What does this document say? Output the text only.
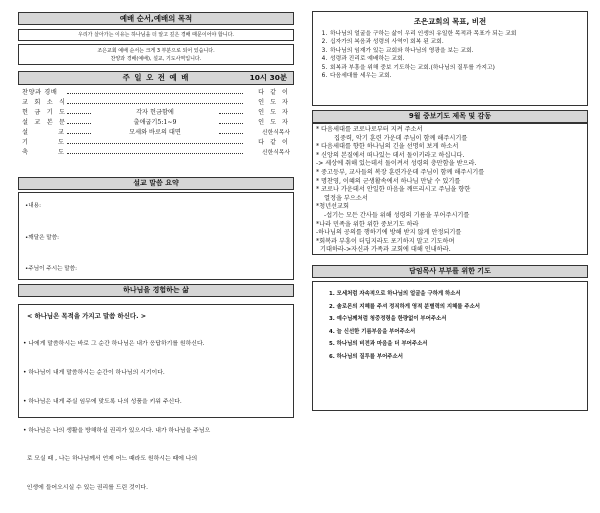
예배 순서,예배의 목적
우리가 살아가는 이유는 하나님을 더 알고 깊은 경배 때문이어야 합니다.
조은교회 예배 순서는 크게 3 부분으로 되어 있습니다.
찬양과 경배(예배), 설교, 기도사역입니다.
주 일 오 전 예 배	10시 30분
찬양과 경배	다 같 이
교 회 소 식	인 도 자
헌 금 기 도	각자 헌금함에	인 도 자
설 교 본 문	출애굽기5:1~9	인 도 자
설 교	모세와 바로의 대면	신한식목사
기 도	다 같 이
축 도	신한식목사
설교 말씀 요약
•내용:
•깨달은 말씀:
•주님이 주시는 말씀:
하나님을 경험하는 삶
< 하나님은 목적을 가지고 말씀 하신다. >

• 나에게 말씀하시는 바로 그 순간 하나님은 내가 응답하기를 원하신다.

• 하나님이 내게 말씀하시는 순간이 하나님의 시기이다.

• 하나님은 내게 주실 임무에 맞도록 나의 성품을 키워 주신다.

• 하나님은 나의 생활을 방해하실 권리가 있으시다. 내가 하나님을 주님으

로 모실 때 , 나는 하나님께서 언제 어느 때라도 원하시는 때에 나의

인생에 들어오시실 수 있는 권리를 드린 것이다.

조은교회의 목표, 비전
1. 하나님의 얼굴을 구하는 삶이 우리 인생의 유일한 목적과 목표가 되는 교회
2. 십자가의 복음과 성령의 사역이 회복 된 교회.
3. 하나님의 임재가 있는 교회와 하나님의 영광을 보는 교회.
4. 성령과 진리로 예배하는 교회.
5. 회복과 부흥을 위해 중보 기도하는 교회.(하나님의 질투를 가지고)
6. 다음세대를 세우는 교회.
9월 중보기도 제목 및 감동

* 다음세대를 코로나로부터 지켜 주소서

집중력, 악기 훈련 가운데 주님이 함께 해주시기를

* 다음세대를 향한 하나님의 긴을 선명히 보게 하소서

* 신앙의 본질에서 떠나있는 데서 돌이키라고 하십니다.

-> 세상에 취해 있는데서 돌이켜서 성령의 충만함을 받으라.

* 중고등부, 교사들의 복장 훈련가운데 주님이 함께 해주시기를

* 명찬영, 이혜의 군생활속에서 하나님 만날 수 있기를

* 코로나 가운데서 안일한 마음을 깨뜨리시고 주님을 향한

열정을 부으소서

*청년선교회

-섭기는 모든 간사들 위해 성령의 기름을 부어주시기를

*나라 민족을 위한 위한 중보기도 하라

-하나님의 공의를 행하기에 방해 받지 않게 안정되기를

*회복과 부흥이 더딥지라도 포기하지 말고 기도하며

기대하라->자신과 가족과 교회에 대해 인내하라.

담임목사 부부를 위한 기도

1. 모세처럼 자속적으로 하나님의 얼굴을 구하게 하소서

2. 솔로몬의 지혜를 주셔 정직하게 영적 분별력의 지혜를 주소서

3. 예수님께처럼 청중정령을 한량없이 부어주소서

4. 늘 신선한 기름부음을 부어주소서

5. 하나님의 비전과 마음을 더 부어주소서

6. 하나님의 질투를 부어주소서
